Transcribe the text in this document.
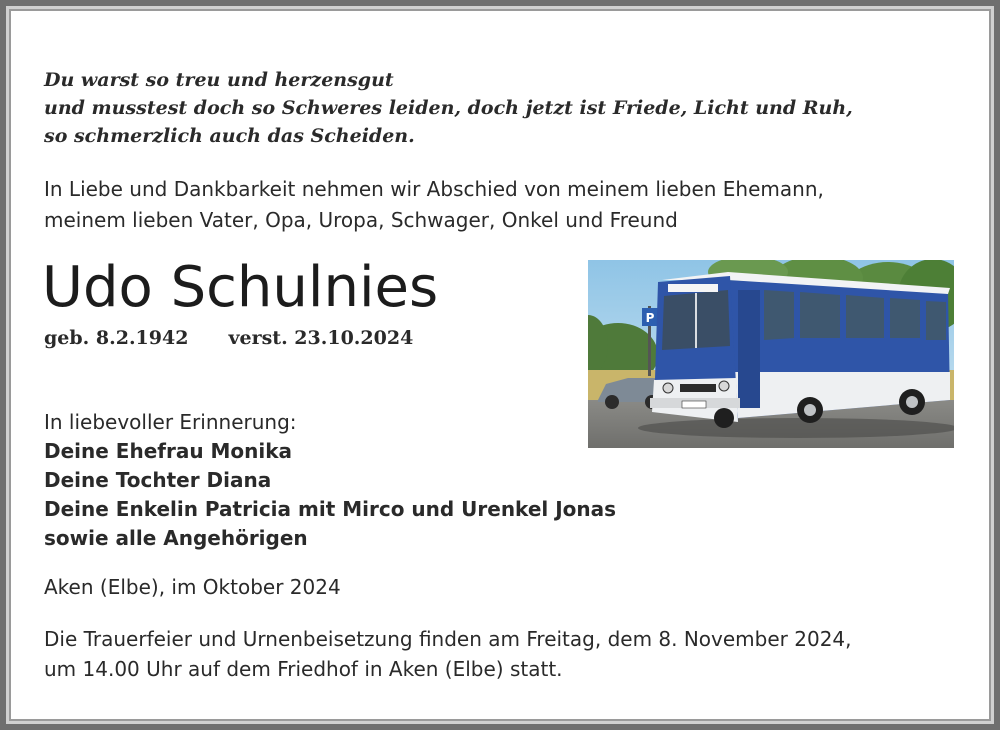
Du warst so treu und herzensgut
und musstest doch so Schweres leiden, doch jetzt ist Friede, Licht und Ruh,
so schmerzlich auch das Scheiden.
In Liebe und Dankbarkeit nehmen wir Abschied von meinem lieben Ehemann,
meinem lieben Vater, Opa, Uropa, Schwager, Onkel und Freund
Udo Schulnies
geb. 8.2.1942 verst. 23.10.2024
P
In liebevoller Erinnerung:
Deine Ehefrau Monika
Deine Tochter Diana
Deine Enkelin Patricia mit Mirco und Urenkel Jonas
sowie alle Angehörigen
Aken (Elbe), im Oktober 2024
Die Trauerfeier und Urnenbeisetzung finden am Freitag, dem 8. November 2024,
um 14.00 Uhr auf dem Friedhof in Aken (Elbe) statt.
